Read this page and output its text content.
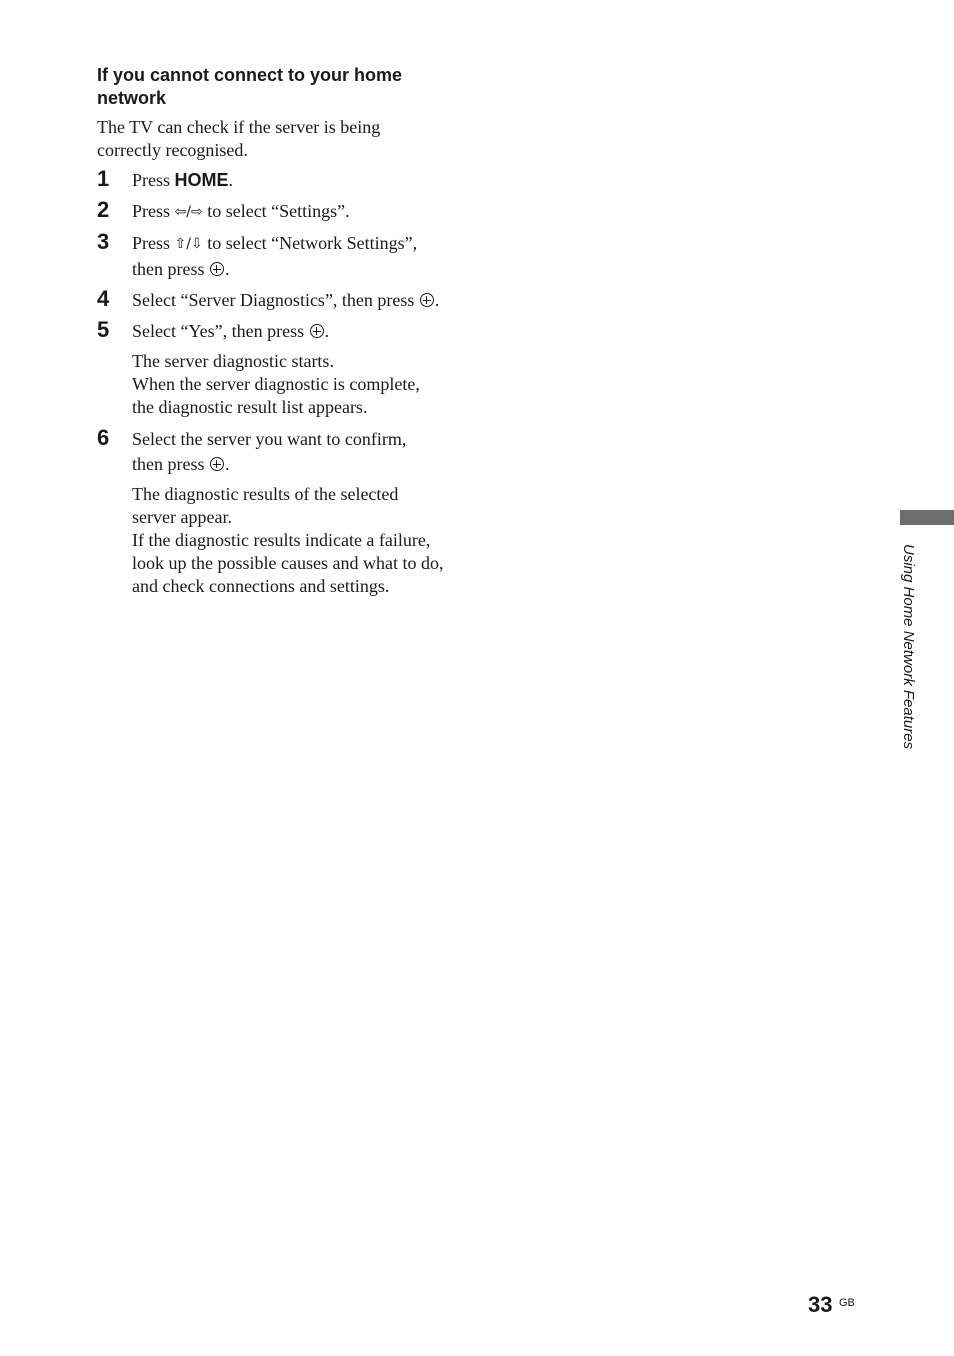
If you cannot connect to your home network
The TV can check if the server is being correctly recognised.
1 Press HOME.
2 Press ⇦/⇨ to select “Settings”.
3 Press ⇧/⇩ to select “Network Settings”,
then press .
4 Select “Server Diagnostics”, then press .
5 Select “Yes”, then press .

The server diagnostic starts.

When the server diagnostic is complete, the diagnostic result list appears.

6 Select the server you want to confirm,
then press .

The diagnostic results of the selected server appear.

If the diagnostic results indicate a failure, look up the possible causes and what to do, and check connections and settings.	Using Home Network Features
33 GB
